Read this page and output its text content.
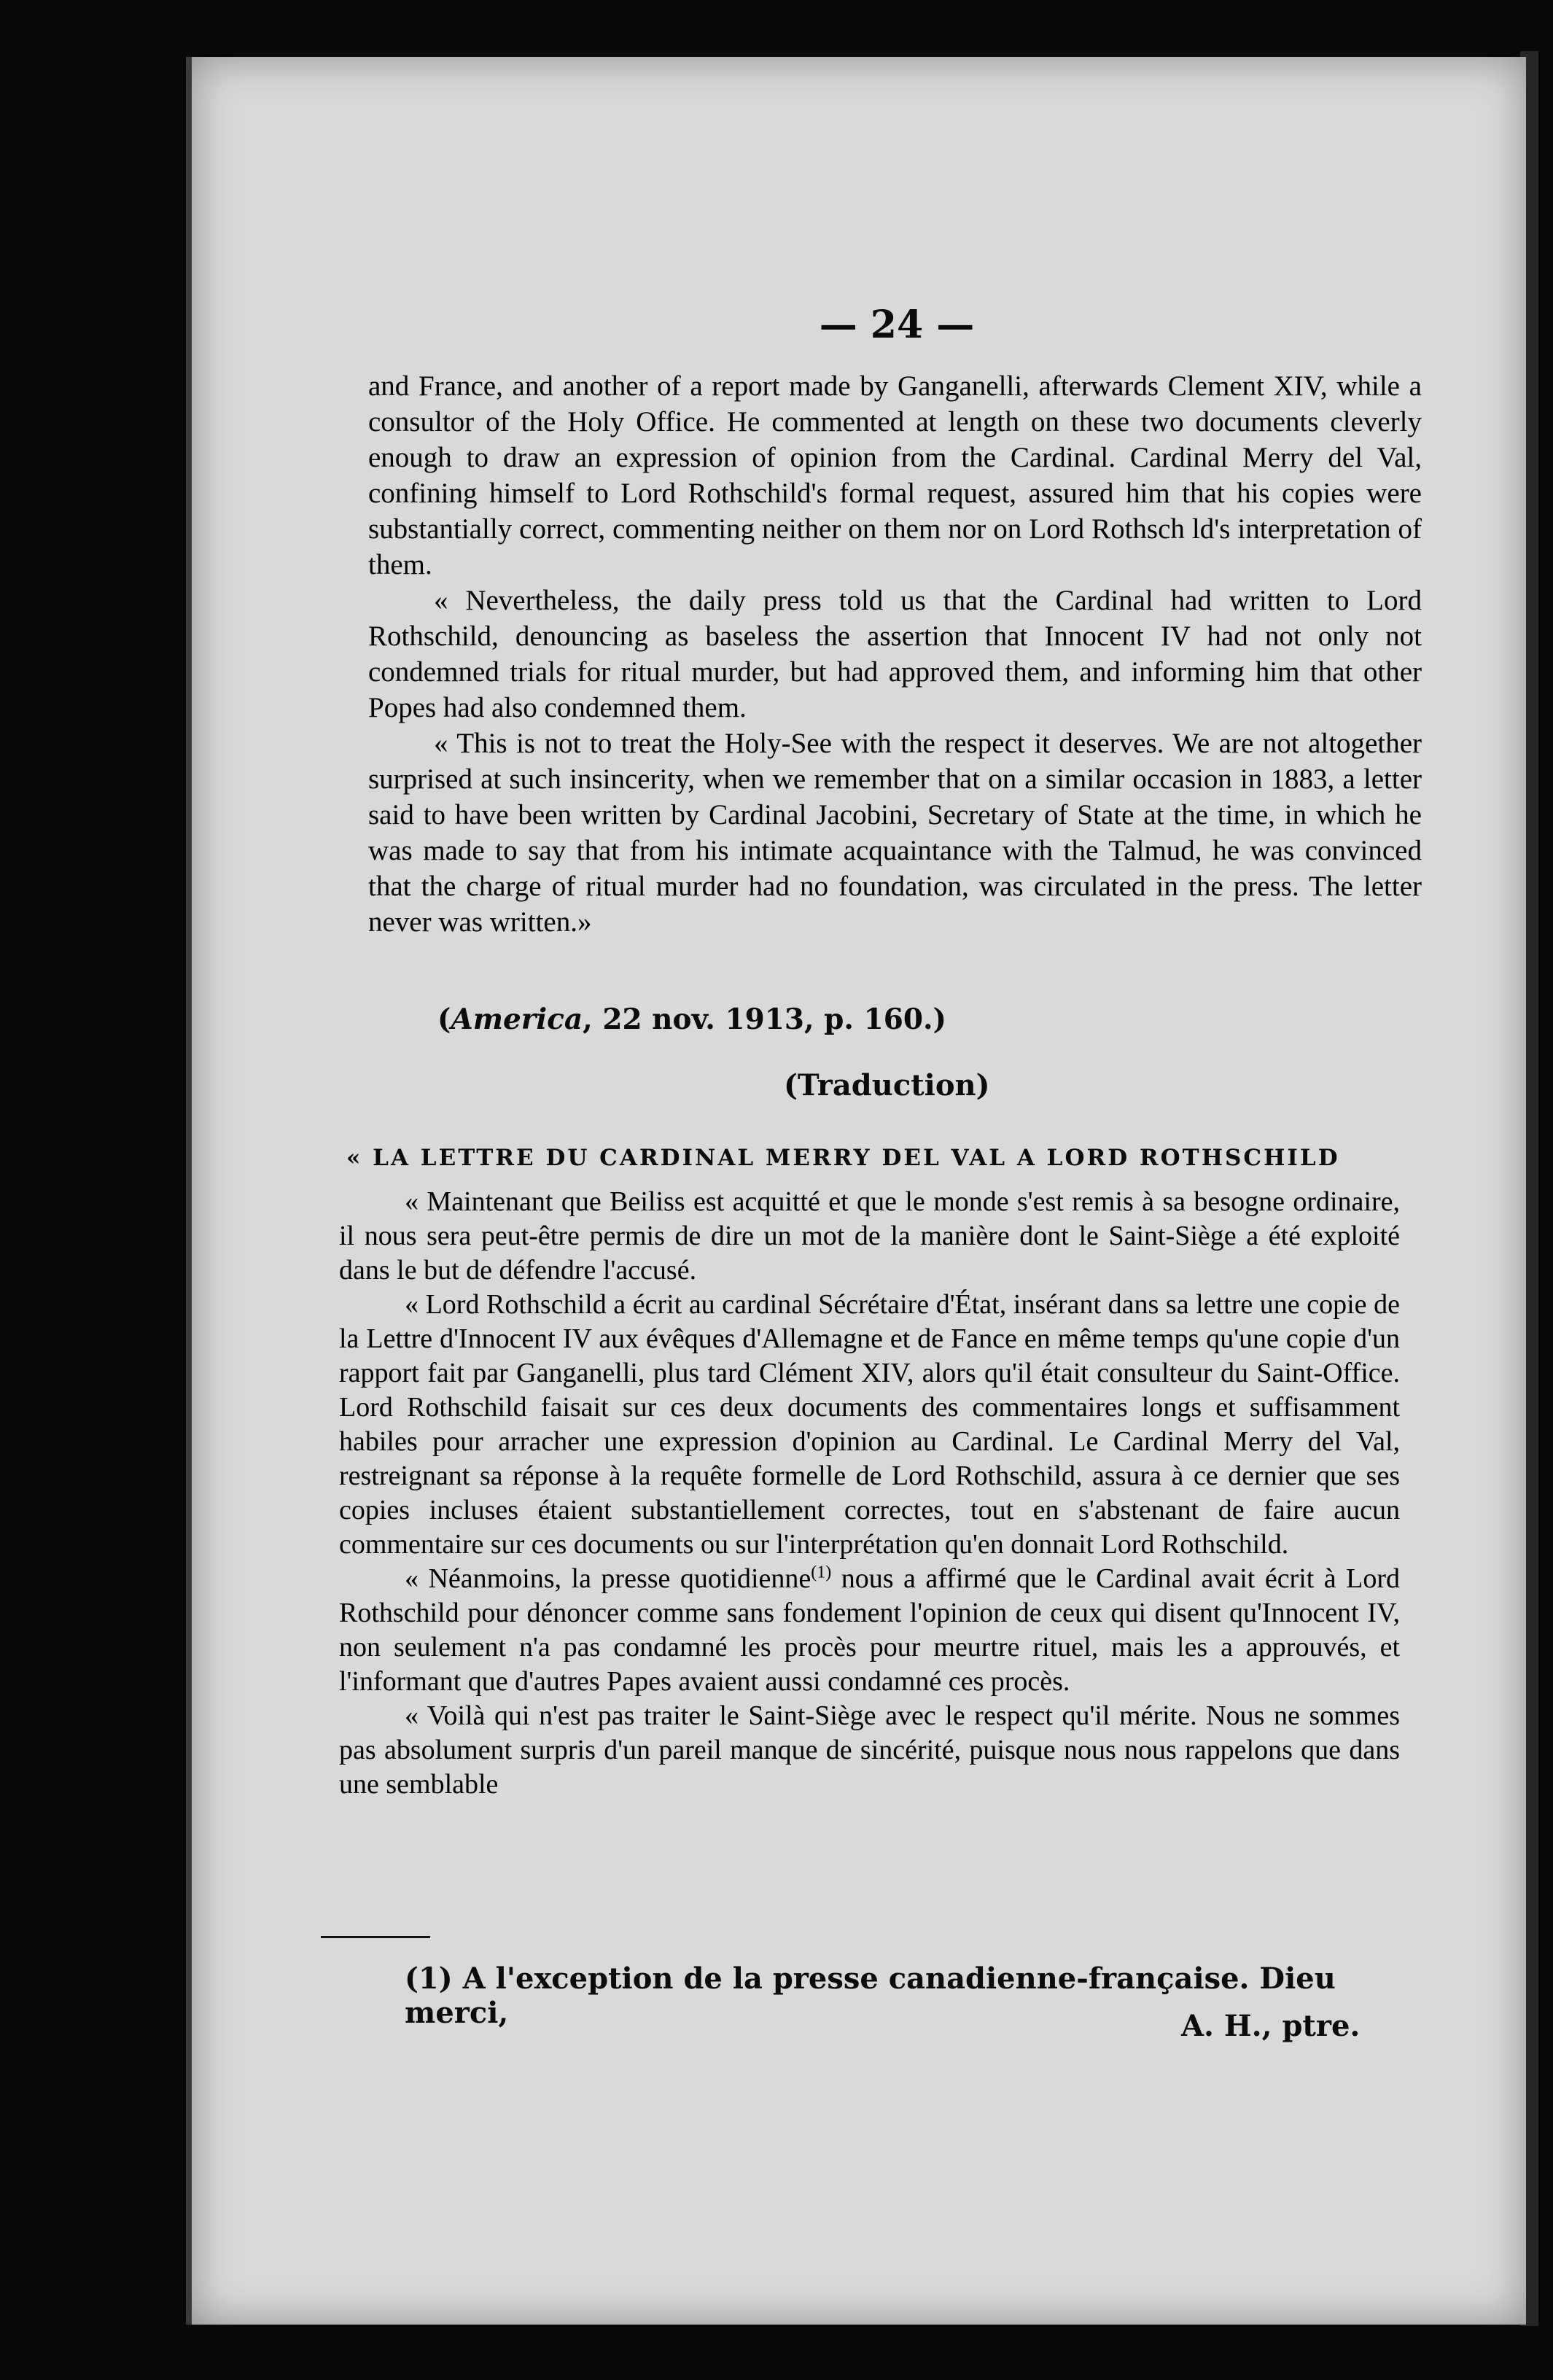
— 24 —

and France, and another of a report made by Ganganelli, afterwards Clement XIV, while a consultor of the Holy Office. He commented at length on these two documents cleverly enough to draw an expression of opinion from the Cardinal. Cardinal Merry del Val, confining himself to Lord Rothschild's formal request, assured him that his copies were substantially correct, commenting neither on them nor on Lord Rothsch ld's interpretation of them.

« Nevertheless, the daily press told us that the Cardinal had written to Lord Rothschild, denouncing as baseless the assertion that Innocent IV had not only not condemned trials for ritual murder, but had approved them, and informing him that other Popes had also condemned them.

« This is not to treat the Holy-See with the respect it deserves. We are not altogether surprised at such insincerity, when we remember that on a similar occasion in 1883, a letter said to have been written by Cardinal Jacobini, Secretary of State at the time, in which he was made to say that from his intimate acquaintance with the Talmud, he was convinced that the charge of ritual murder had no foundation, was circulated in the press. The letter never was written.»

(America, 22 nov. 1913, p. 160.)
(Traduction)
« LA LETTRE DU CARDINAL MERRY DEL VAL A LORD ROTHSCHILD

« Maintenant que Beiliss est acquitté et que le monde s'est remis à sa besogne ordinaire, il nous sera peut-être permis de dire un mot de la manière dont le Saint-Siège a été exploité dans le but de défendre l'accusé.

« Lord Rothschild a écrit au cardinal Sécrétaire d'État, insérant dans sa lettre une copie de la Lettre d'Innocent IV aux évêques d'Allemagne et de Fance en même temps qu'une copie d'un rapport fait par Ganganelli, plus tard Clément XIV, alors qu'il était consulteur du Saint-Office. Lord Rothschild faisait sur ces deux documents des commentaires longs et suffisamment habiles pour arracher une expression d'opinion au Cardinal. Le Cardinal Merry del Val, restreignant sa réponse à la requête formelle de Lord Rothschild, assura à ce dernier que ses copies incluses étaient substantiellement correctes, tout en s'abstenant de faire aucun commentaire sur ces documents ou sur l'interprétation qu'en donnait Lord Rothschild.

« Néanmoins, la presse quotidienne$^{(1)}$ nous a affirmé que le Cardinal avait écrit à Lord Rothschild pour dénoncer comme sans fondement l'opinion de ceux qui disent qu'Innocent IV, non seulement n'a pas condamné les procès pour meurtre rituel, mais les a approuvés, et l'informant que d'autres Papes avaient aussi condamné ces procès.

« Voilà qui n'est pas traiter le Saint-Siège avec le respect qu'il mérite. Nous ne sommes pas absolument surpris d'un pareil manque de sincérité, puisque nous nous rappelons que dans une semblable

(1) A l'exception de la presse canadienne-française. Dieu merci,	A. H., ptre.
